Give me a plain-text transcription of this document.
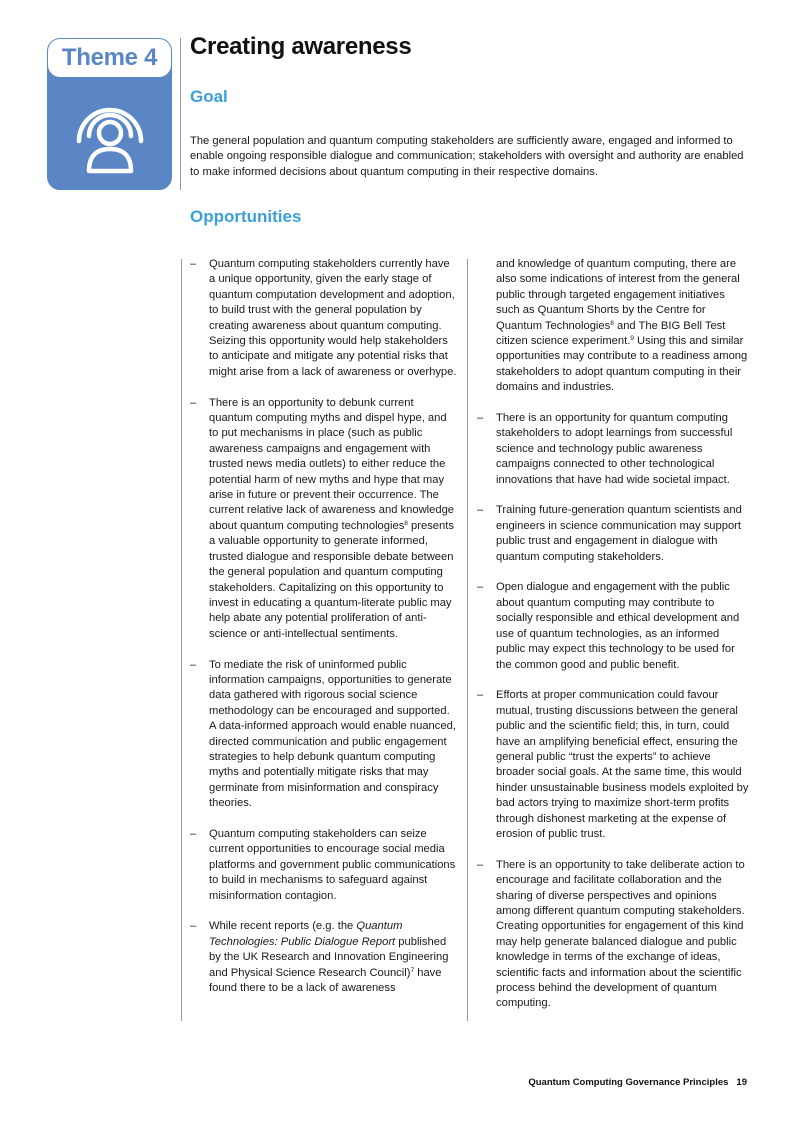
Theme 4 Creating awareness
Goal

The general population and quantum computing stakeholders are sufficiently aware, engaged and informed to enable ongoing responsible dialogue and communication; stakeholders with oversight and authority are enabled to make informed decisions about quantum computing in their respective domains.

Opportunities
– Quantum computing stakeholders currently have a unique opportunity, given the early stage of quantum computation development and adoption, to build trust with the general population by creating awareness about quantum computing. Seizing this opportunity would help stakeholders to anticipate and mitigate any potential risks that might arise from a lack of awareness or overhype.

– There is an opportunity to debunk current quantum computing myths and dispel hype, and to put mechanisms in place (such as public awareness campaigns and engagement with trusted news media outlets) to either reduce the potential harm of new myths and hype that may arise in future or prevent their occurrence. The current relative lack of awareness and knowledge about quantum computing technologies$^8$ presents a valuable opportunity to generate informed, trusted dialogue and responsible debate between the general population and quantum computing stakeholders. Capitalizing on this opportunity to invest in educating a quantum-literate public may help abate any potential proliferation of anti-science or anti-intellectual sentiments.

– To mediate the risk of uninformed public information campaigns, opportunities to generate data gathered with rigorous social science methodology can be encouraged and supported. A data-informed approach would enable nuanced, directed communication and public engagement strategies to help debunk quantum computing myths and potentially mitigate risks that may germinate from misinformation and conspiracy theories.

– Quantum computing stakeholders can seize current opportunities to encourage social media platforms and government public communications to build in mechanisms to safeguard against misinformation contagion.

– While recent reports (e.g. the Quantum Technologies: Public Dialogue Report published by the UK Research and Innovation Engineering and Physical Science Research Council)$^7$ have found there to be a lack of awareness

and knowledge of quantum computing, there are also some indications of interest from the general public through targeted engagement initiatives such as Quantum Shorts by the Centre for Quantum Technologies$^8$ and The BIG Bell Test citizen science experiment.$^9$ Using this and similar opportunities may contribute to a readiness among stakeholders to adopt quantum computing in their domains and industries.

– There is an opportunity for quantum computing stakeholders to adopt learnings from successful science and technology public awareness campaigns connected to other technological innovations that have had wide societal impact.

– Training future-generation quantum scientists and engineers in science communication may support public trust and engagement in dialogue with quantum computing stakeholders.

– Open dialogue and engagement with the public about quantum computing may contribute to socially responsible and ethical development and use of quantum technologies, as an informed public may expect this technology to be used for the common good and public benefit.

– Efforts at proper communication could favour mutual, trusting discussions between the general public and the scientific field; this, in turn, could have an amplifying beneficial effect, ensuring the general public “trust the experts” to achieve broader social goals. At the same time, this would hinder unsustainable business models exploited by bad actors trying to maximize short-term profits through dishonest marketing at the expense of erosion of public trust.

– There is an opportunity to take deliberate action to encourage and facilitate collaboration and the sharing of diverse perspectives and opinions among different quantum computing stakeholders. Creating opportunities for engagement of this kind may help generate balanced dialogue and public knowledge in terms of the exchange of ideas, scientific facts and information about the scientific process behind the development of quantum computing.

Quantum Computing Governance Principles 19
